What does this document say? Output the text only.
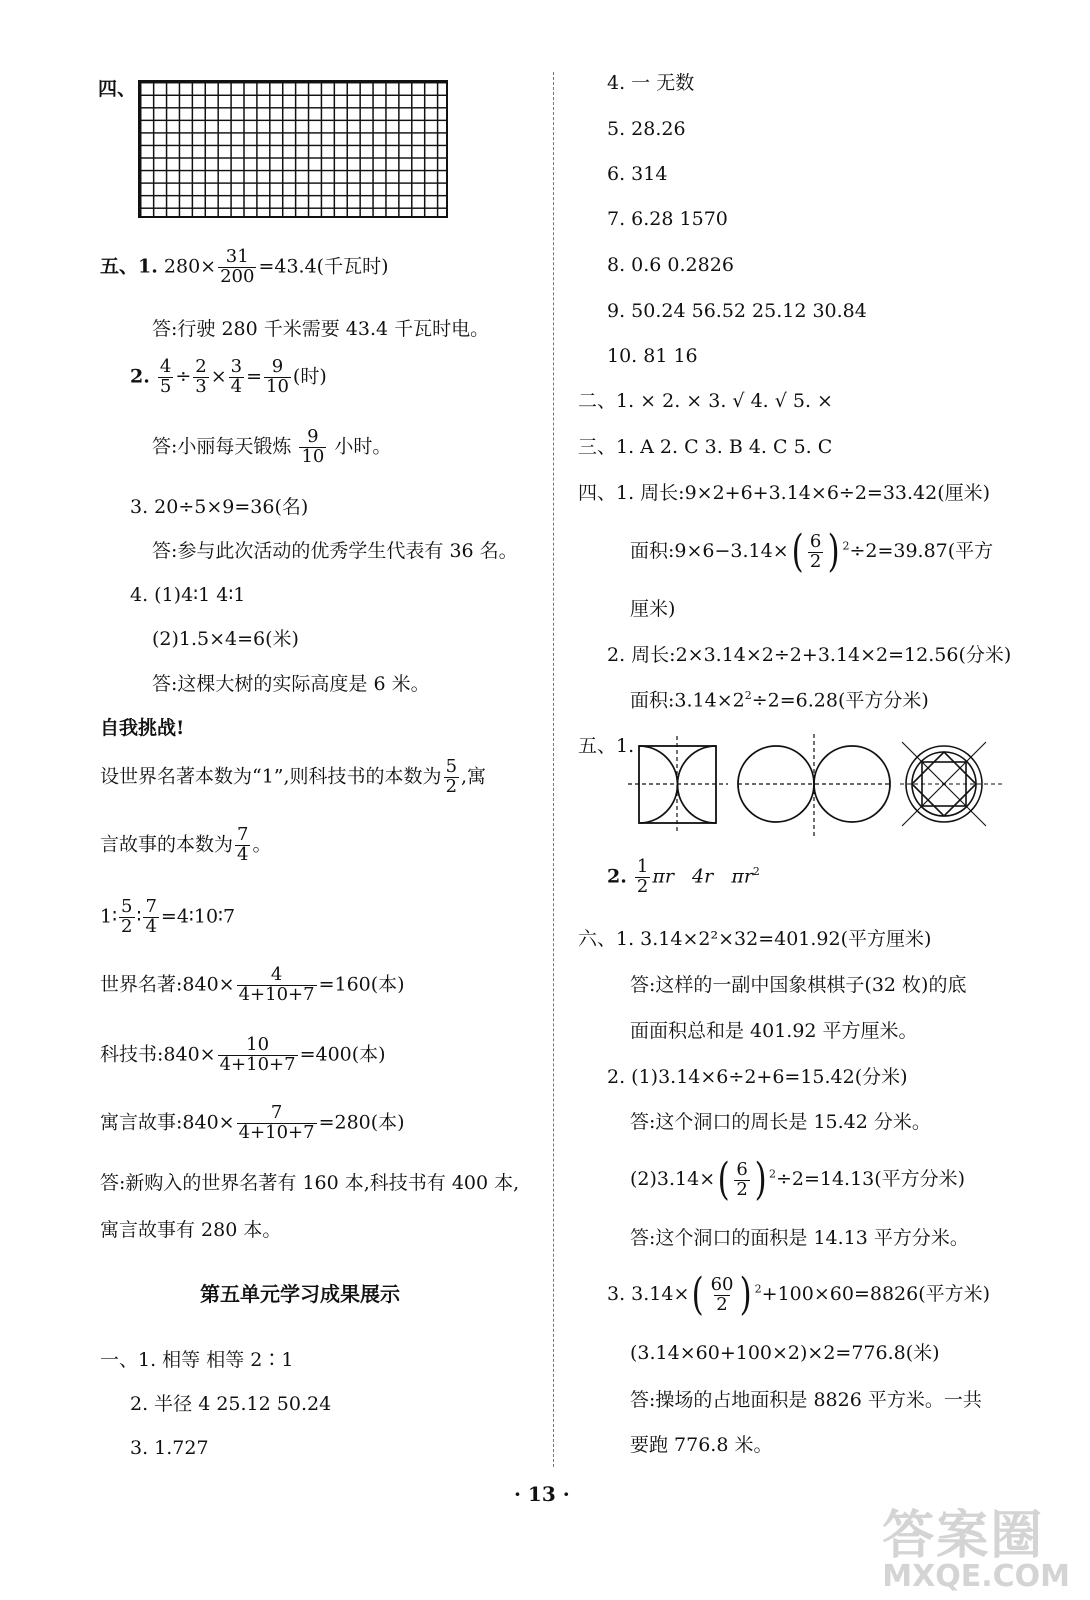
四、
五、1. $280\times \frac{31}{200} =43.4$(千瓦时)
答:行驶 280 千米需要 43.4 千瓦时电。
2. $\frac{4}{5} \div \frac{2}{3} \times \frac{3}{4} = \frac{9}{10}$ (时)
答:小丽每天锻炼 $\frac{9}{10}$ 小时。
3. 20÷5×9=36(名)
答:参与此次活动的优秀学生代表有 36 名。
4. (1)4∶1 4∶1
(2)1.5×4=6(米)
答:这棵大树的实际高度是 6 米。
自我挑战!
设世界名著本数为“1”,则科技书的本数为 $\frac{5}{2}$ ,寓
言故事的本数为 $\frac{7}{4}$ 。
1∶ $\frac{5}{2}$ ∶ $\frac{7}{4}$ =4∶10∶7
世界名著:840× $\frac{4}{4+10+7} =160$(本)
科技书:840× $\frac{10}{4+10+7} =400$(本)
寓言故事:840× $\frac{7}{4+10+7} =280$(本)
答:新购入的世界名著有 160 本,科技书有 400 本,
寓言故事有 280 本。
第五单元学习成果展示
一、1. 相等 相等 2∶1
2. 半径 4 25.12 50.24
3. 1.727
4. 一 无数
5. 28.26
6. 314
7. 6.28 1570
8. 0.6 0.2826
9. 50.24 56.52 25.12 30.84
10. 81 16
二、1. × 2. × 3. √ 4. √ 5. ×
三、1. A 2. C 3. B 4. C 5. C
四、1. 周长:9×2+6+3.14×6÷2=33.42(厘米)
面积:9×6−3.14×( $\frac{6}{2}$ ) $^2$÷2=39.87(平方
厘米)
2. 周长:2×3.14×2÷2+3.14×2=12.56(分米)
面积$:3.14\times 2^2\div 2=6.28$(平方分米)
五、1.
2. $\frac{1}{2}$ πr 4r $\pi r^2$
六、1. 3.14×2²×32=401.92(平方厘米)
答:这样的一副中国象棋棋子(32 枚)的底
面面积总和是 401.92 平方厘米。
2. (1)3.14×6÷2+6=15.42(分米)
答:这个洞口的周长是 15.42 分米。
$(2)3.14\times( \frac{6}{2}$ ) $^2$÷2=14.13(平方分米)
答:这个洞口的面积是 14.13 平方分米。
3. $3.14\times( \frac{60}{2}$ ) $^2$+100×60=8826(平方米)
(3.14×60+100×2)×2=776.8(米)
答:操场的占地面积是 8826 平方米。一共
要跑 776.8 米。
· 13 ·
答案圈
MXQE.COM
